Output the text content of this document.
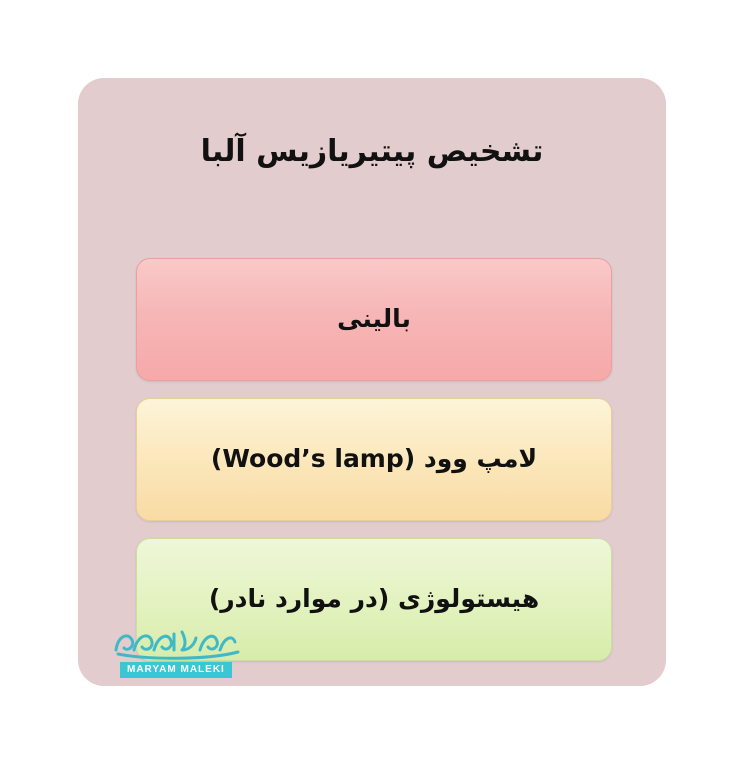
تشخیص پیتیریازیس آلبا
بالینی
لامپ وود (Wood’s lamp)
هیستولوژی (در موارد نادر)
MARYAM MALEKI
